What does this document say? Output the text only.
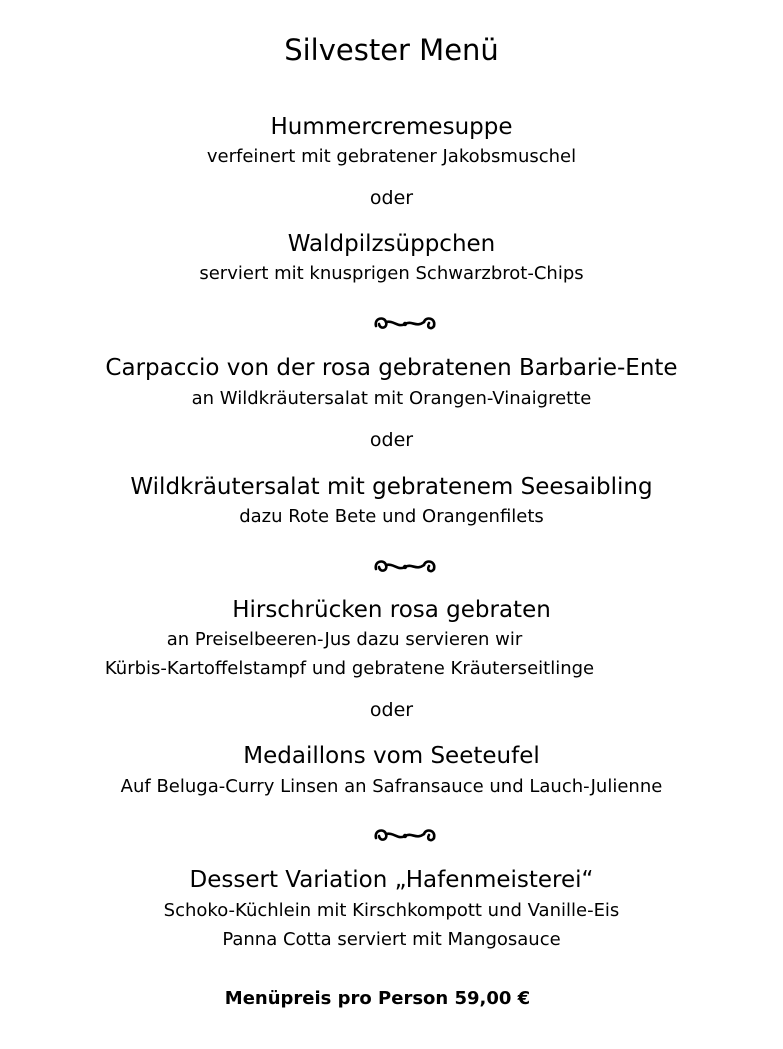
Silvester Menü
Hummercremesuppe
verfeinert mit gebratener Jakobsmuschel
oder
Waldpilzsüppchen
serviert mit knusprigen Schwarzbrot-Chips
Carpaccio von der rosa gebratenen Barbarie-Ente
an Wildkräutersalat mit Orangen-Vinaigrette
oder
Wildkräutersalat mit gebratenem Seesaibling
dazu Rote Bete und Orangenfilets
Hirschrücken rosa gebraten
an Preiselbeeren-Jus dazu servieren wir
Kürbis-Kartoffelstampf und gebratene Kräuterseitlinge
oder
Medaillons vom Seeteufel
Auf Beluga-Curry Linsen an Safransauce und Lauch-Julienne
Dessert Variation „Hafenmeisterei“
Schoko-Küchlein mit Kirschkompott und Vanille-Eis
Panna Cotta serviert mit Mangosauce
Menüpreis pro Person 59,00 €
